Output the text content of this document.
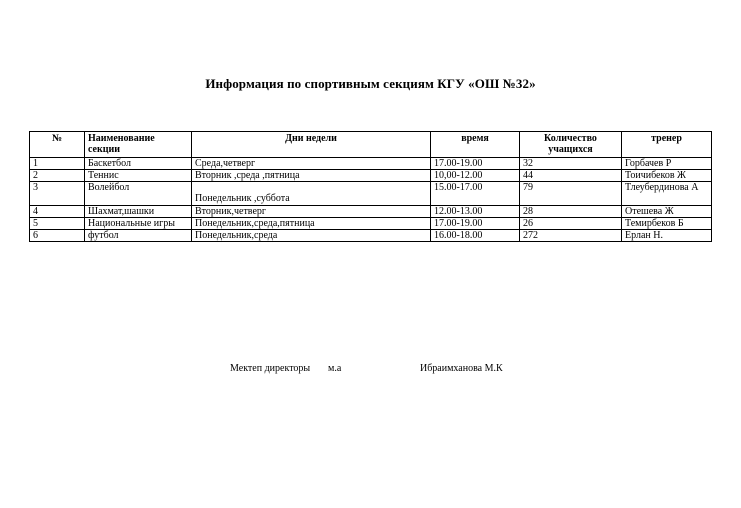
Информация по спортивным секциям КГУ «ОШ №32»
№	Наименование секции	Дни недели	время	Количество учащихся	тренер
1	Баскетбол	Среда,четверг	17.00-19.00	32	Горбачев Р
2	Теннис	Вторник ,среда ,пятница	10,00-12.00	44	Тоичибеков Ж
3	Волейбол	Понедельник ,суббота	15.00-17.00	79	Тлеубердинова А
4	Шахмат,шашки	Вторник,четверг	12.00-13.00	28	Отешева Ж
5	Национальные игры	Понедельник,среда,пятница	17.00-19.00	26	Темирбеков Б
6	футбол	Понедельник,среда	16.00-18.00	272	Ерлан Н.
Мектеп директоры м.а	Ибраимханова М.К
